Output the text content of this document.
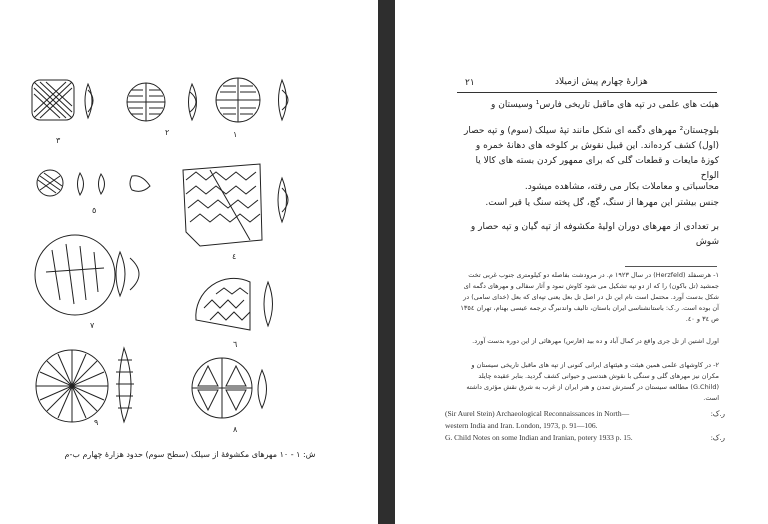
٣
٢	١
٥
٤
٧
٦
٩
٨
ش: ١ - ١٠ مهرهای مکشوفهٔ از سیلک (سطح سوم) حدود هزارهٔ چهارم ب-م
٢١	هزارهٔ چهارم پیش ازمیلاد
هیئت های علمی در تپه های ماقبل تاریخی فارس¹ وسیستان و
بلوچستان² مهرهای دگمه ای شکل مانند تپهٔ سیلک (سوم) و تپه حصار (اول) کشف کرده‌اند. این قبیل نقوش بر کلوخه های دهانهٔ خمره و کوزهٔ مایعات و قطعات گلی که برای ممهور کردن بسته های کالا یا الواح
محاسباتی و معاملات بکار می رفته، مشاهده میشود.
جنس بیشتر این مهرها از سنگ، گچ، گل پخته سنگ یا قیر است.
بر تعدادی از مهرهای دوران اولیهٔ مکشوفه از تپه گیان و تپه حصار و شوش
١- هرتسفلد (Herzfeld) در سال ١٩٢٣ م. در مرودشت بفاصله دو کیلومتری جنوب غربی تخت جمشید (تل باکون) را که از دو تپه تشکیل می شود کاوش نمود و آثار سفالی و مهرهای دگمه ای شکل بدست آورد. محتمل است نام این تل در اصل تل بعل یعنی تپه‌ای که بعل (خدای سامی) در آن بوده است. ر.ک: باستانشناسی ایران باستان، تالیف واندنبرگ ترجمه عیسی بهنام، تهران ١٣٥٤ ص ٣٤ و ٤٠.
اورل اشتین از تل جری واقع در کمال آباد و ده بید (فارس) مهرهائی از این دوره بدست آورد.
٢- در کاوشهای علمی همین هیئت و هیئتهای ایرانی کنونی از تپه های ماقبل تاریخی سیستان و مکران نیز مهرهای گلی و سنگی با نقوش هندسی و حیوانی کشف گردید. بنابر عقیده چایلد (G.Child) مطالعه سیستان در گسترش تمدن و هنر ایران از غرب به شرق نقش مؤثری داشته است.
(Sir Aurel Stein) Archaeological Reconnaissances in North—	ر.ک:
western India and Iran. London, 1973, p. 91—106.
G. Child Notes on some Indian and Iranian, potery 1933 p. 15.	ر.ک:
